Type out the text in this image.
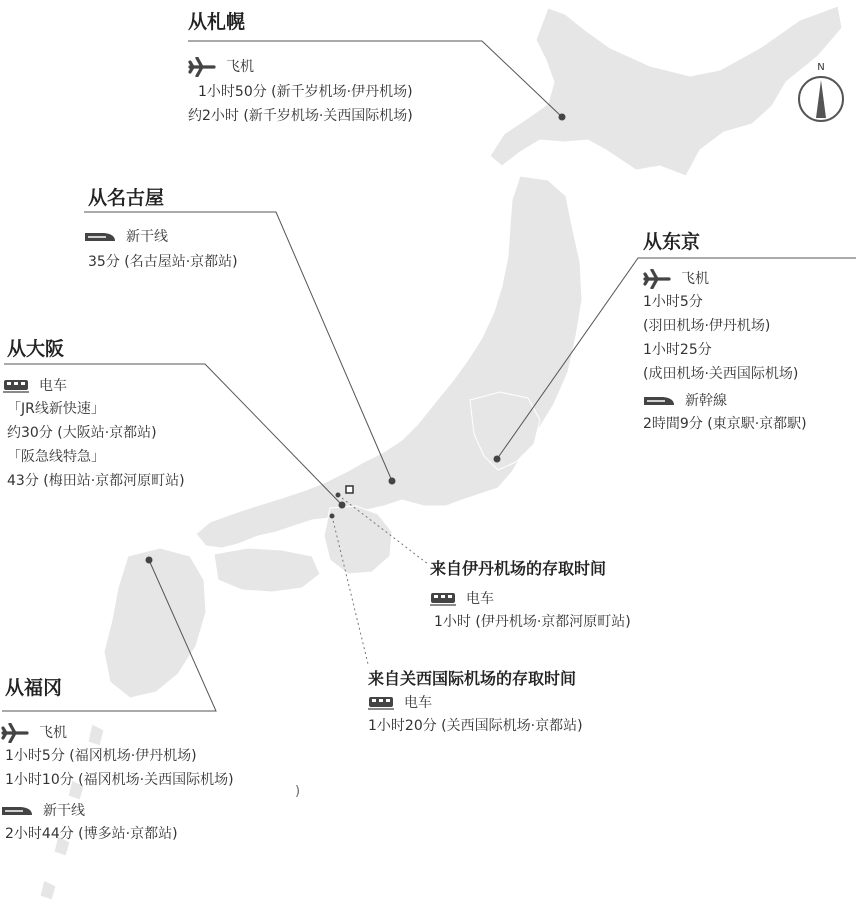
N
从札幌
飞机
1小时50分 (新千岁机场·伊丹机场)
约2小时 (新千岁机场·关西国际机场)
从名古屋
新干线
35分 (名古屋站·京都站)
从东京
飞机
1小时5分
(羽田机场·伊丹机场)
1小时25分
(成田机场·关西国际机场)
新幹線
2時間9分 (東京駅·京都駅)
从大阪
电车
「JR线新快速」
约30分 (大阪站·京都站)
「阪急线特急」
43分 (梅田站·京都河原町站)
来自伊丹机场的存取时间
电车
1小时 (伊丹机场·京都河原町站)
来自关西国际机场的存取时间
电车
1小时20分 (关西国际机场·京都站)
从福冈
飞机
1小时5分 (福冈机场·伊丹机场)
1小时10分 (福冈机场·关西国际机场)
新干线
2小时44分 (博多站·京都站)
)
